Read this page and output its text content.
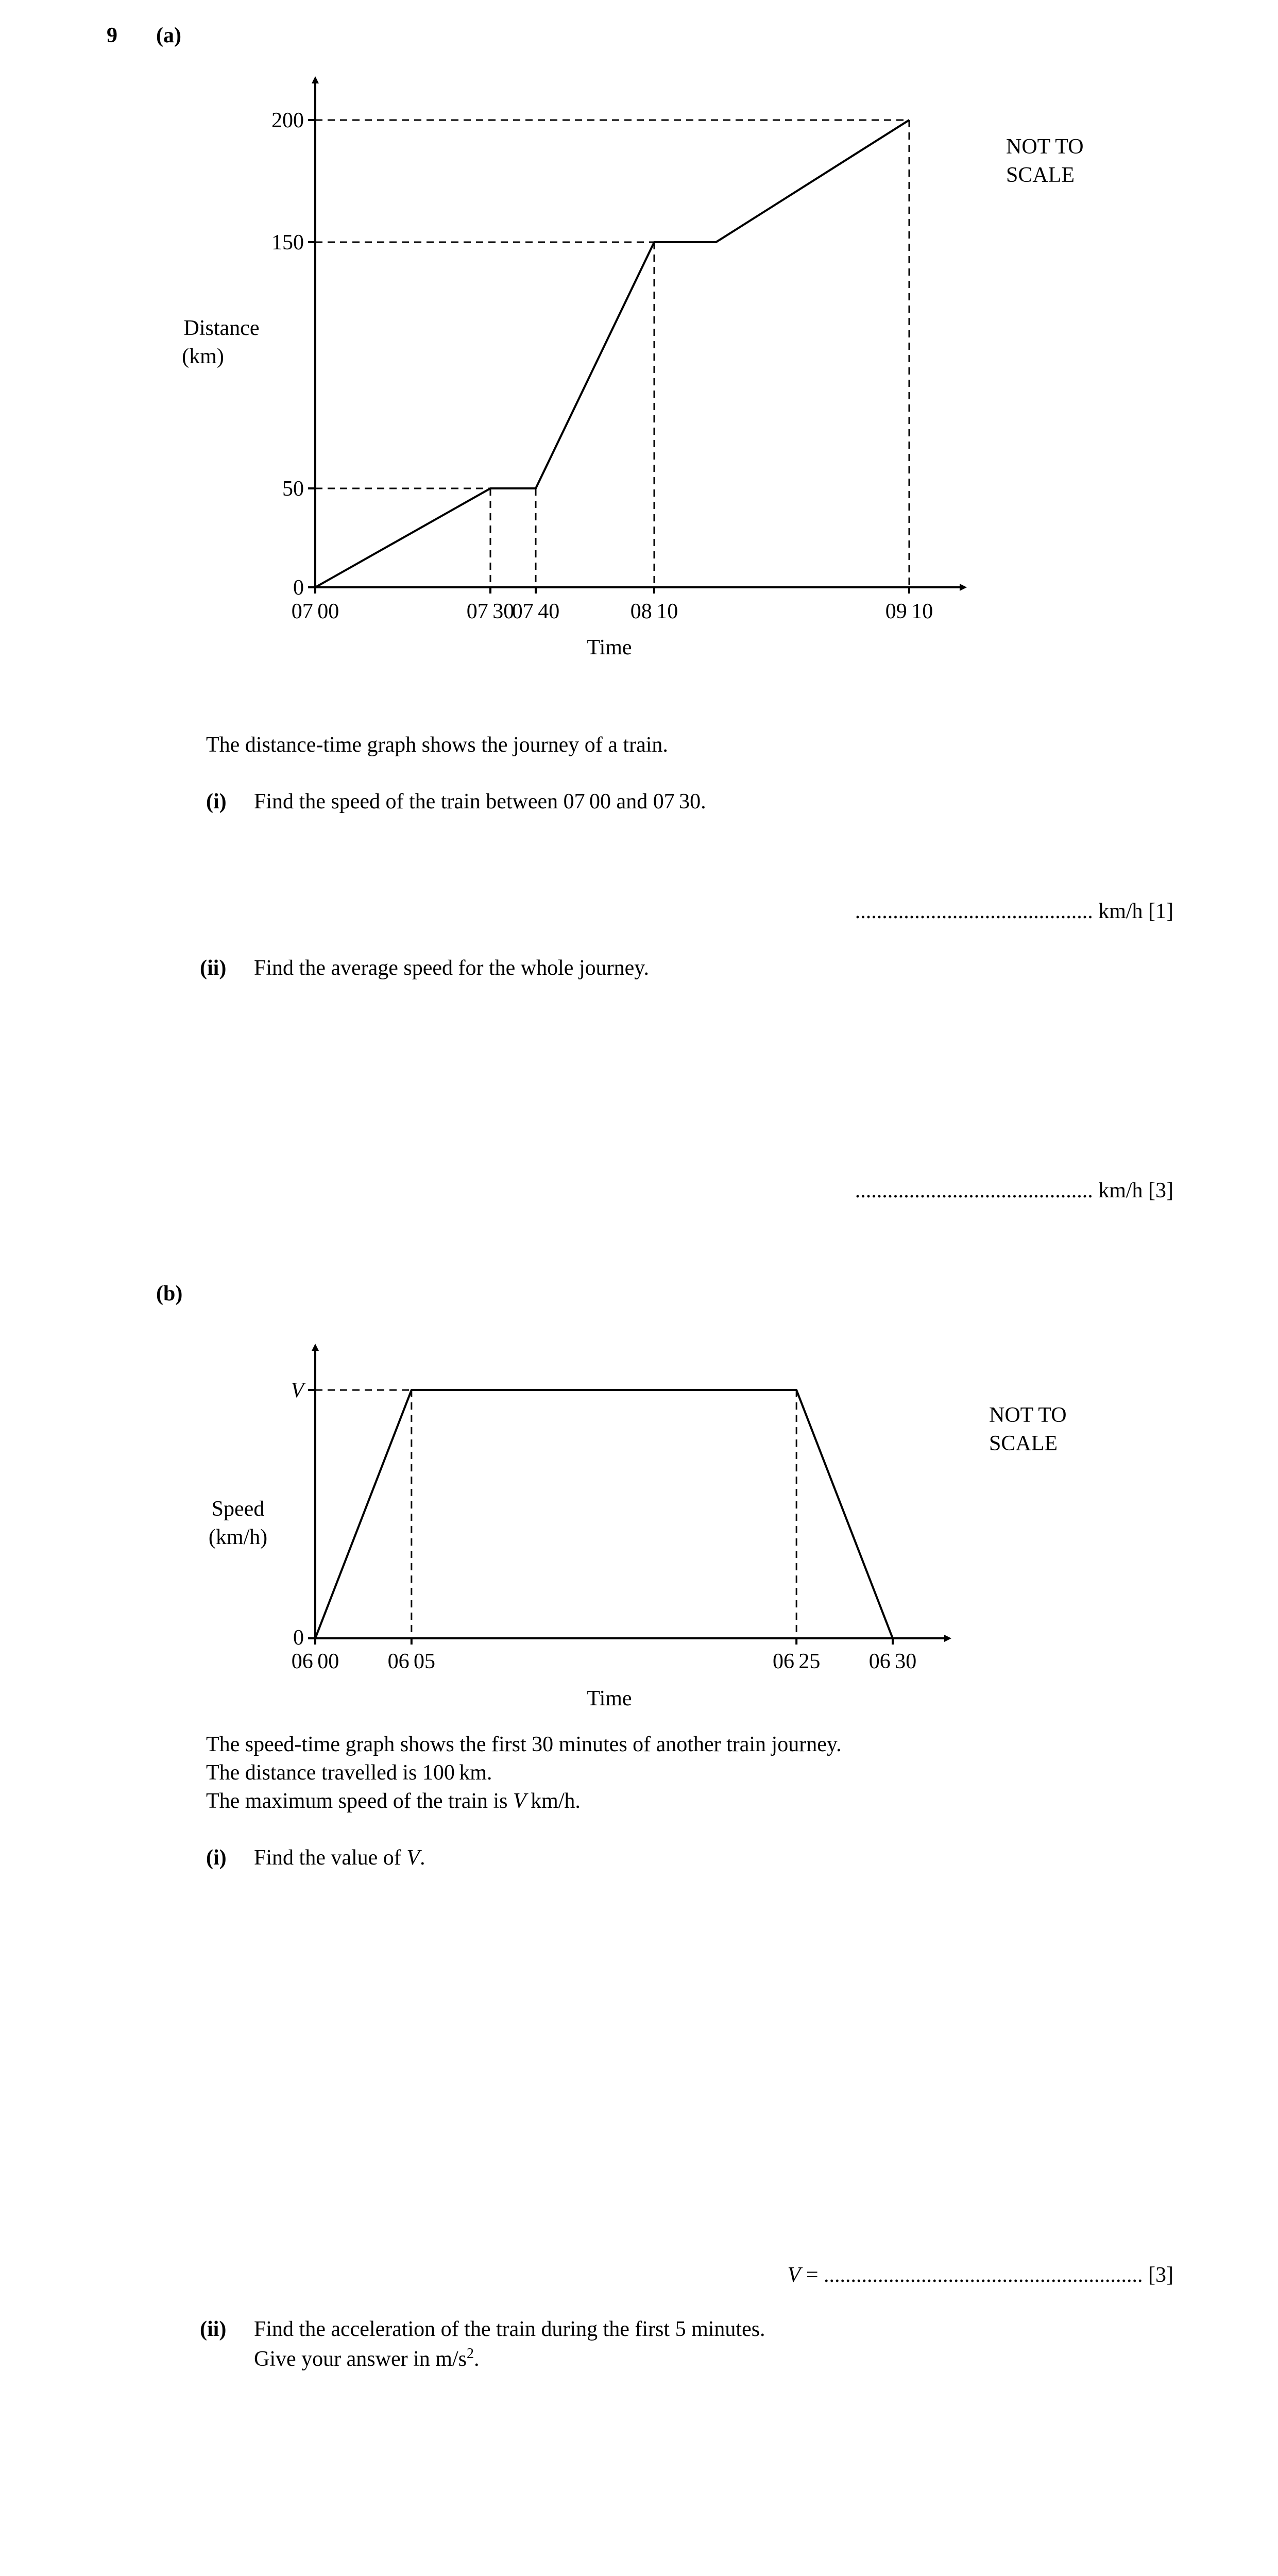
9 (a)
0
50
150
200
07 00	07 30
07 40	08 10	09 10
Time
Distance
(km)
NOT TO
SCALE
The distance-time graph shows the journey of a train.
(i) Find the speed of the train between 07 00 and 07 30.
............................................ km/h [1]
(ii) Find the average speed for the whole journey.
............................................ km/h [3]
(b)
0
V
06 00 06 05	06 25 06 30
Time
Speed
(km/h)
NOT TO
SCALE
The speed-time graph shows the first 30 minutes of another train journey.
The distance travelled is 100 km.
The maximum speed of the train is V km/h.
(i) Find the value of V.
V = ........................................................... [3]
(ii) Find the acceleration of the train during the first 5 minutes.
Give your answer in $m/s^2$.
